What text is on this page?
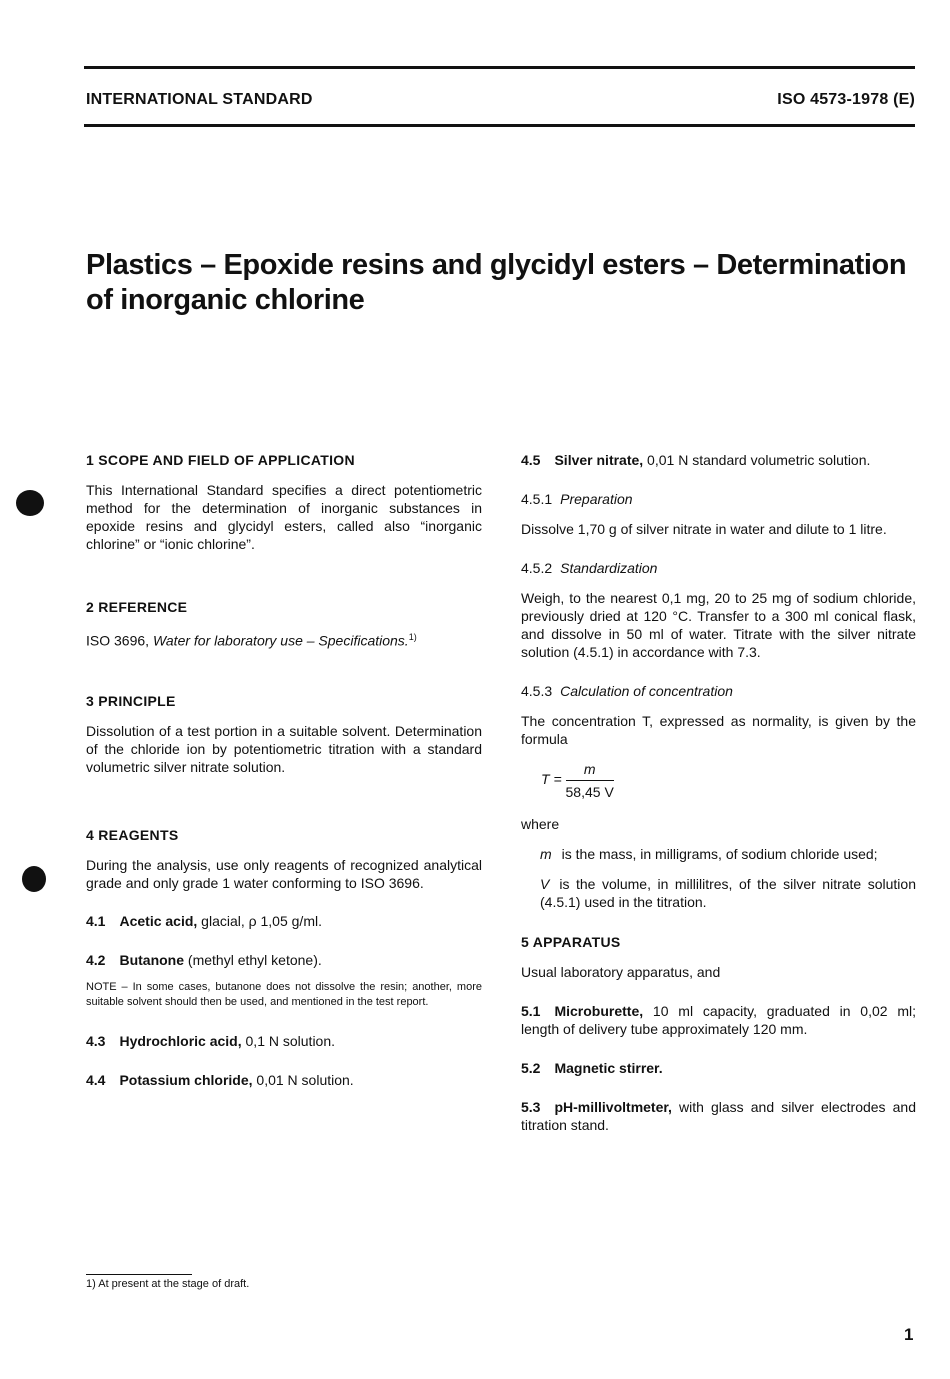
INTERNATIONAL STANDARD	ISO 4573-1978 (E)
Plastics – Epoxide resins and glycidyl esters – Determination
of inorganic chlorine
1 SCOPE AND FIELD OF APPLICATION
This International Standard specifies a direct potentiometric method for the determination of inorganic substances in epoxide resins and glycidyl esters, called also “inorganic chlorine” or “ionic chlorine”.
2 REFERENCE
ISO 3696, Water for laboratory use – Specifications.$^{1)}$
3 PRINCIPLE
Dissolution of a test portion in a suitable solvent. Determination of the chloride ion by potentiometric titration with a standard volumetric silver nitrate solution.
4 REAGENTS
During the analysis, use only reagents of recognized analytical grade and only grade 1 water conforming to ISO 3696.
4.1 Acetic acid, glacial, ρ 1,05 g/ml.
4.2 Butanone (methyl ethyl ketone).
NOTE – In some cases, butanone does not dissolve the resin; another, more suitable solvent should then be used, and mentioned in the test report.
4.3 Hydrochloric acid, 0,1 N solution.
4.4 Potassium chloride, 0,01 N solution.
4.5 Silver nitrate, 0,01 N standard volumetric solution.
4.5.1 Preparation
Dissolve 1,70 g of silver nitrate in water and dilute to 1 litre.
4.5.2 Standardization
Weigh, to the nearest 0,1 mg, 20 to 25 mg of sodium chloride, previously dried at 120 °C. Transfer to a 300 ml conical flask, and dissolve in 50 ml of water. Titrate with the silver nitrate solution (4.5.1) in accordance with 7.3.
4.5.3 Calculation of concentration
The concentration T, expressed as normality, is given by the formula
$T = \frac{m}{58,45 V}$
where
m is the mass, in milligrams, of sodium chloride used;
V is the volume, in millilitres, of the silver nitrate solution (4.5.1) used in the titration.
5 APPARATUS
Usual laboratory apparatus, and
5.1 Microburette, 10 ml capacity, graduated in 0,02 ml; length of delivery tube approximately 120 mm.
5.2 Magnetic stirrer.
5.3 pH-millivoltmeter, with glass and silver electrodes and titration stand.
1) At present at the stage of draft.
1
